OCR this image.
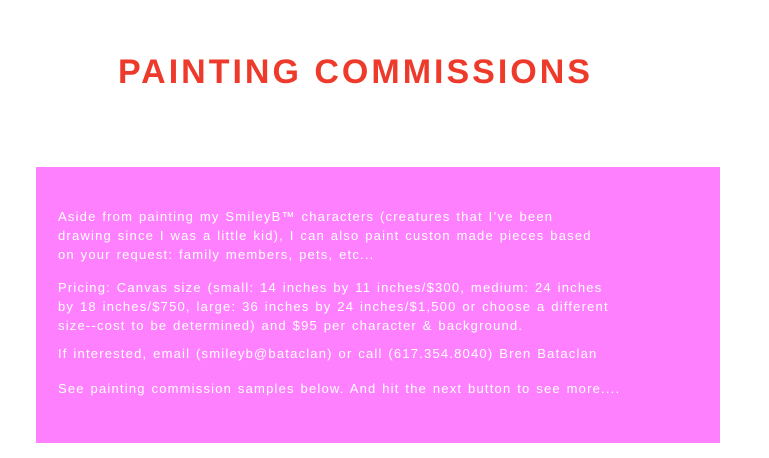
PAINTING COMMISSIONS

Aside from painting my SmileyB™ characters (creatures that I’ve been
drawing since I was a little kid), I can also paint custon made pieces based
on your request: family members, pets, etc...

Pricing: Canvas size (small: 14 inches by 11 inches/$300, medium: 24 inches
by 18 inches/$750, large: 36 inches by 24 inches/$1,500 or choose a different
size--cost to be determined) and $95 per character & background.

If interested, email (smileyb@bataclan) or call (617.354.8040) Bren Bataclan

See painting commission samples below. And hit the next button to see more....
